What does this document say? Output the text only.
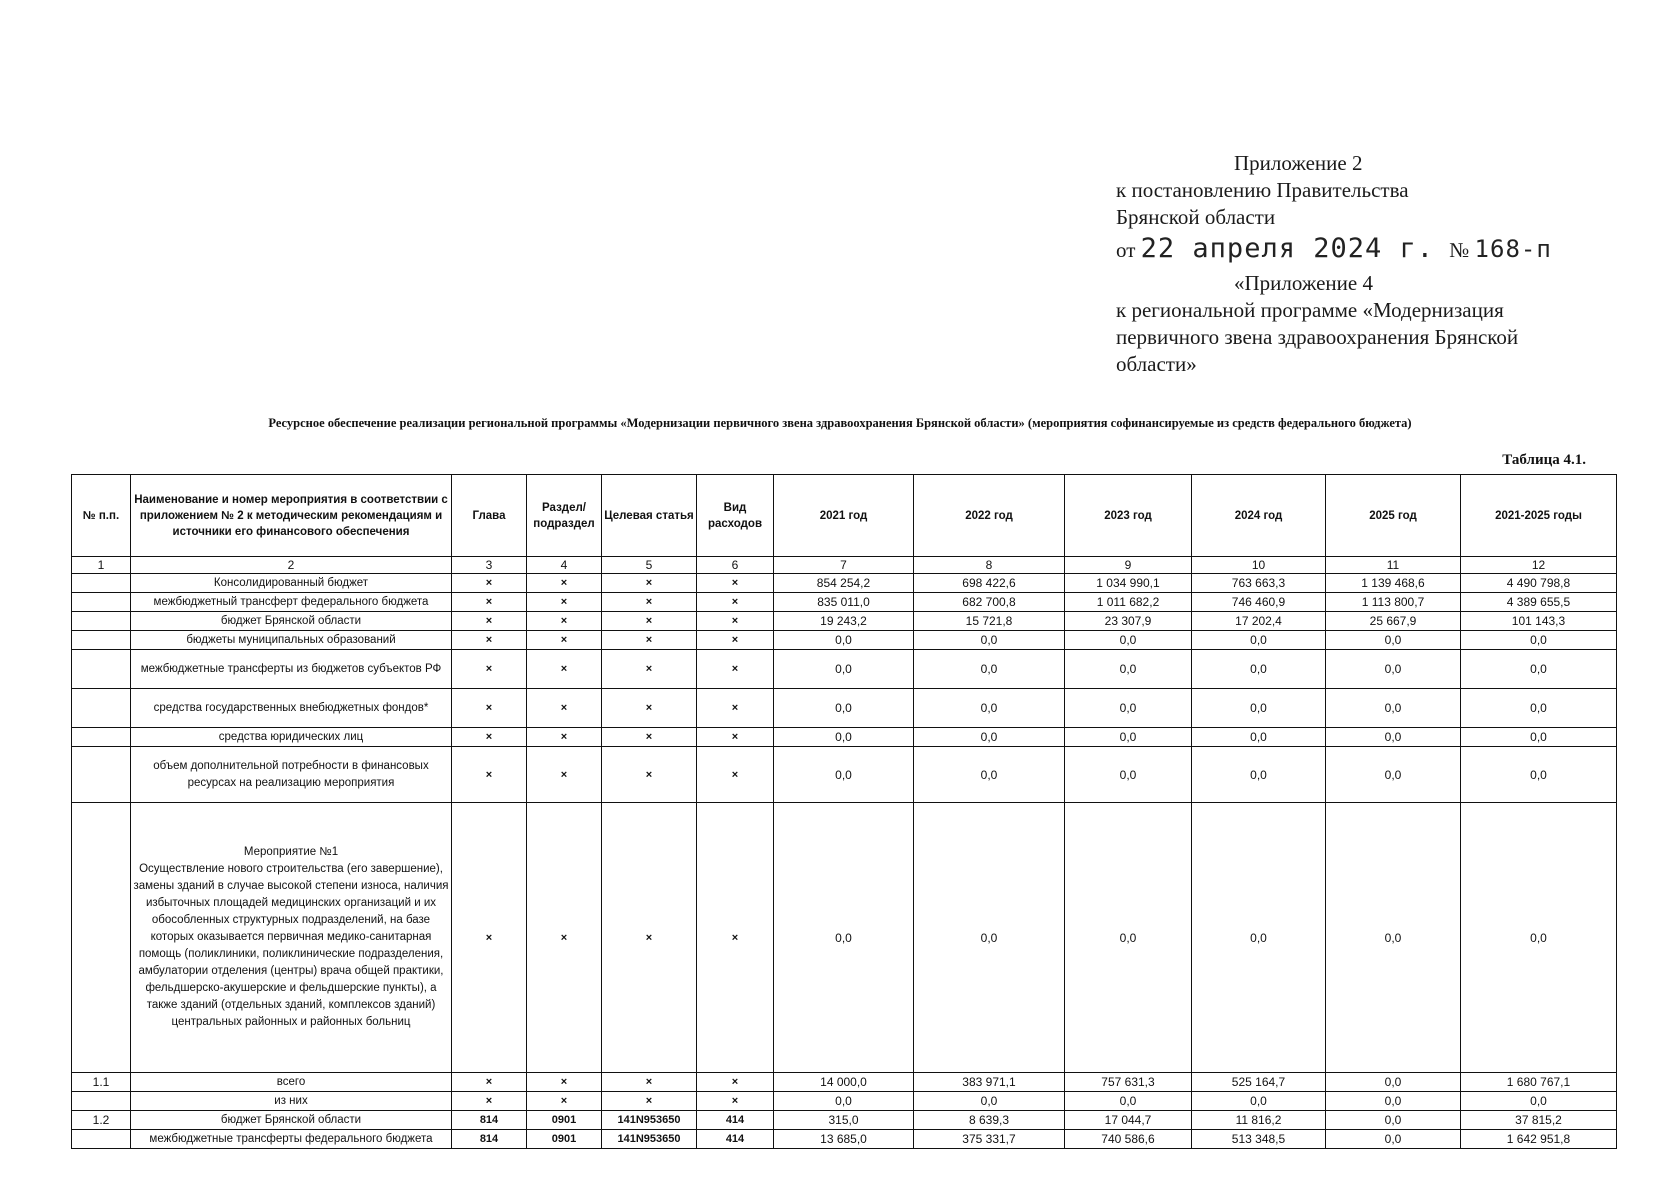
Приложение 2
к постановлению Правительства
Брянской области
от 22 апреля 2024 г. № 168-п
«Приложение 4
к региональной программе «Модернизация
первичного звена здравоохранения Брянской
области»
Ресурсное обеспечение реализации региональной программы «Модернизации первичного звена здравоохранения Брянской области» (мероприятия софинансируемые из средств федерального бюджета)
Таблица 4.1.
№ п.п.	Наименование и номер мероприятия в соответствии с приложением № 2 к методическим рекомендациям и источники его финансового обеспечения	Глава	Раздел/ подраздел	Целевая статья	Вид расходов	2021 год	2022 год	2023 год	2024 год	2025 год	2021-2025 годы
1	2	3	4	5	6	7	8	9	10	11	12
	Консолидированный бюджет	×	×	×	×	854 254,2	698 422,6	1 034 990,1	763 663,3	1 139 468,6	4 490 798,8
	межбюджетный трансферт федерального бюджета	×	×	×	×	835 011,0	682 700,8	1 011 682,2	746 460,9	1 113 800,7	4 389 655,5
	бюджет Брянской области	×	×	×	×	19 243,2	15 721,8	23 307,9	17 202,4	25 667,9	101 143,3
	бюджеты муниципальных образований	×	×	×	×	0,0	0,0	0,0	0,0	0,0	0,0
	межбюджетные трансферты из бюджетов субъектов РФ	×	×	×	×	0,0	0,0	0,0	0,0	0,0	0,0
	средства государственных внебюджетных фондов*	×	×	×	×	0,0	0,0	0,0	0,0	0,0	0,0
	средства юридических лиц	×	×	×	×	0,0	0,0	0,0	0,0	0,0	0,0
	объем дополнительной потребности в финансовых ресурсах на реализацию мероприятия	×	×	×	×	0,0	0,0	0,0	0,0	0,0	0,0
	Мероприятие №1
Осуществление нового строительства (его завершение), замены зданий в случае высокой степени износа, наличия избыточных площадей медицинских организаций и их обособленных структурных подразделений, на базе которых оказывается первичная медико-санитарная помощь (поликлиники, поликлинические подразделения, амбулатории отделения (центры) врача общей практики, фельдшерско-акушерские и фельдшерские пункты), а также зданий (отдельных зданий, комплексов зданий) центральных районных и районных больниц	×	×	×	×	0,0	0,0	0,0	0,0	0,0	0,0
1.1	всего	×	×	×	×	14 000,0	383 971,1	757 631,3	525 164,7	0,0	1 680 767,1
	из них	×	×	×	×	0,0	0,0	0,0	0,0	0,0	0,0
1.2	бюджет Брянской области	814	0901	141N953650	414	315,0	8 639,3	17 044,7	11 816,2	0,0	37 815,2
	межбюджетные трансферты федерального бюджета	814	0901	141N953650	414	13 685,0	375 331,7	740 586,6	513 348,5	0,0	1 642 951,8
